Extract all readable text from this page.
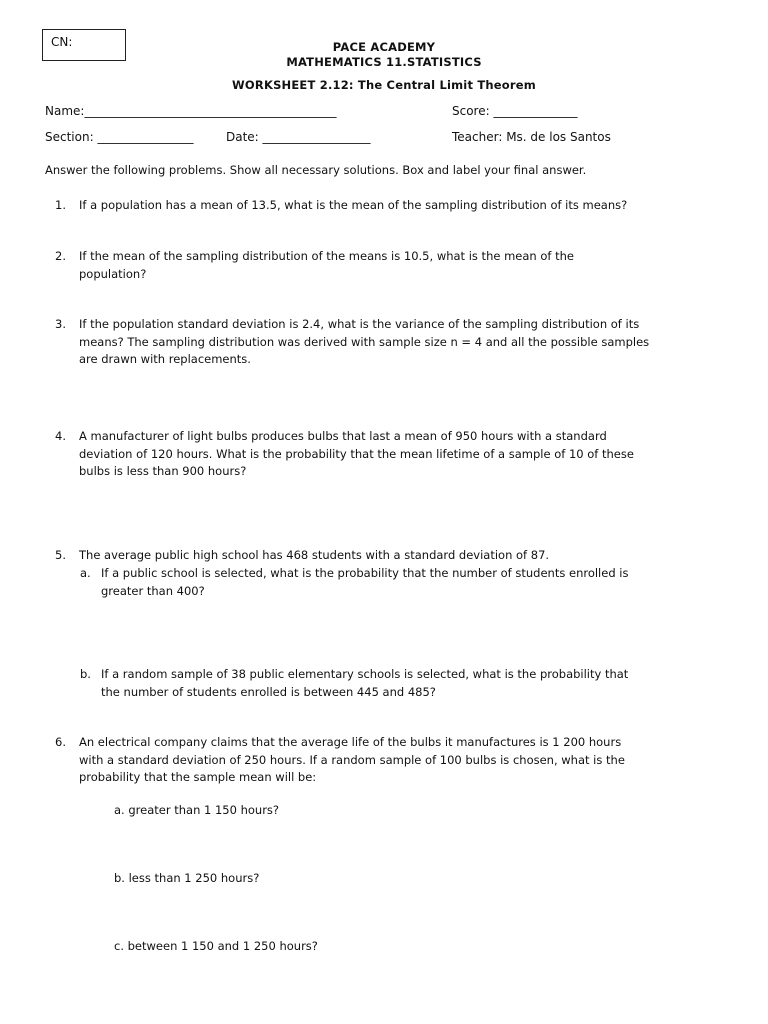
CN:	PACE ACADEMY
MATHEMATICS 11.STATISTICS
WORKSHEET 2.12: The Central Limit Theorem
Name:__________________________________________	Score: ______________
Section: ________________	Date: __________________	Teacher: Ms. de los Santos
Answer the following problems. Show all necessary solutions. Box and label your final answer.
1. If a population has a mean of 13.5, what is the mean of the sampling distribution of its means?
2. If the mean of the sampling distribution of the means is 10.5, what is the mean of the
population?
3. If the population standard deviation is 2.4, what is the variance of the sampling distribution of its
means? The sampling distribution was derived with sample size n = 4 and all the possible samples
are drawn with replacements.
4. A manufacturer of light bulbs produces bulbs that last a mean of 950 hours with a standard
deviation of 120 hours. What is the probability that the mean lifetime of a sample of 10 of these
bulbs is less than 900 hours?
5. The average public high school has 468 students with a standard deviation of 87.
a. If a public school is selected, what is the probability that the number of students enrolled is
greater than 400?
b. If a random sample of 38 public elementary schools is selected, what is the probability that
the number of students enrolled is between 445 and 485?
6. An electrical company claims that the average life of the bulbs it manufactures is 1 200 hours
with a standard deviation of 250 hours. If a random sample of 100 bulbs is chosen, what is the
probability that the sample mean will be:
a. greater than 1 150 hours?
b. less than 1 250 hours?
c. between 1 150 and 1 250 hours?
